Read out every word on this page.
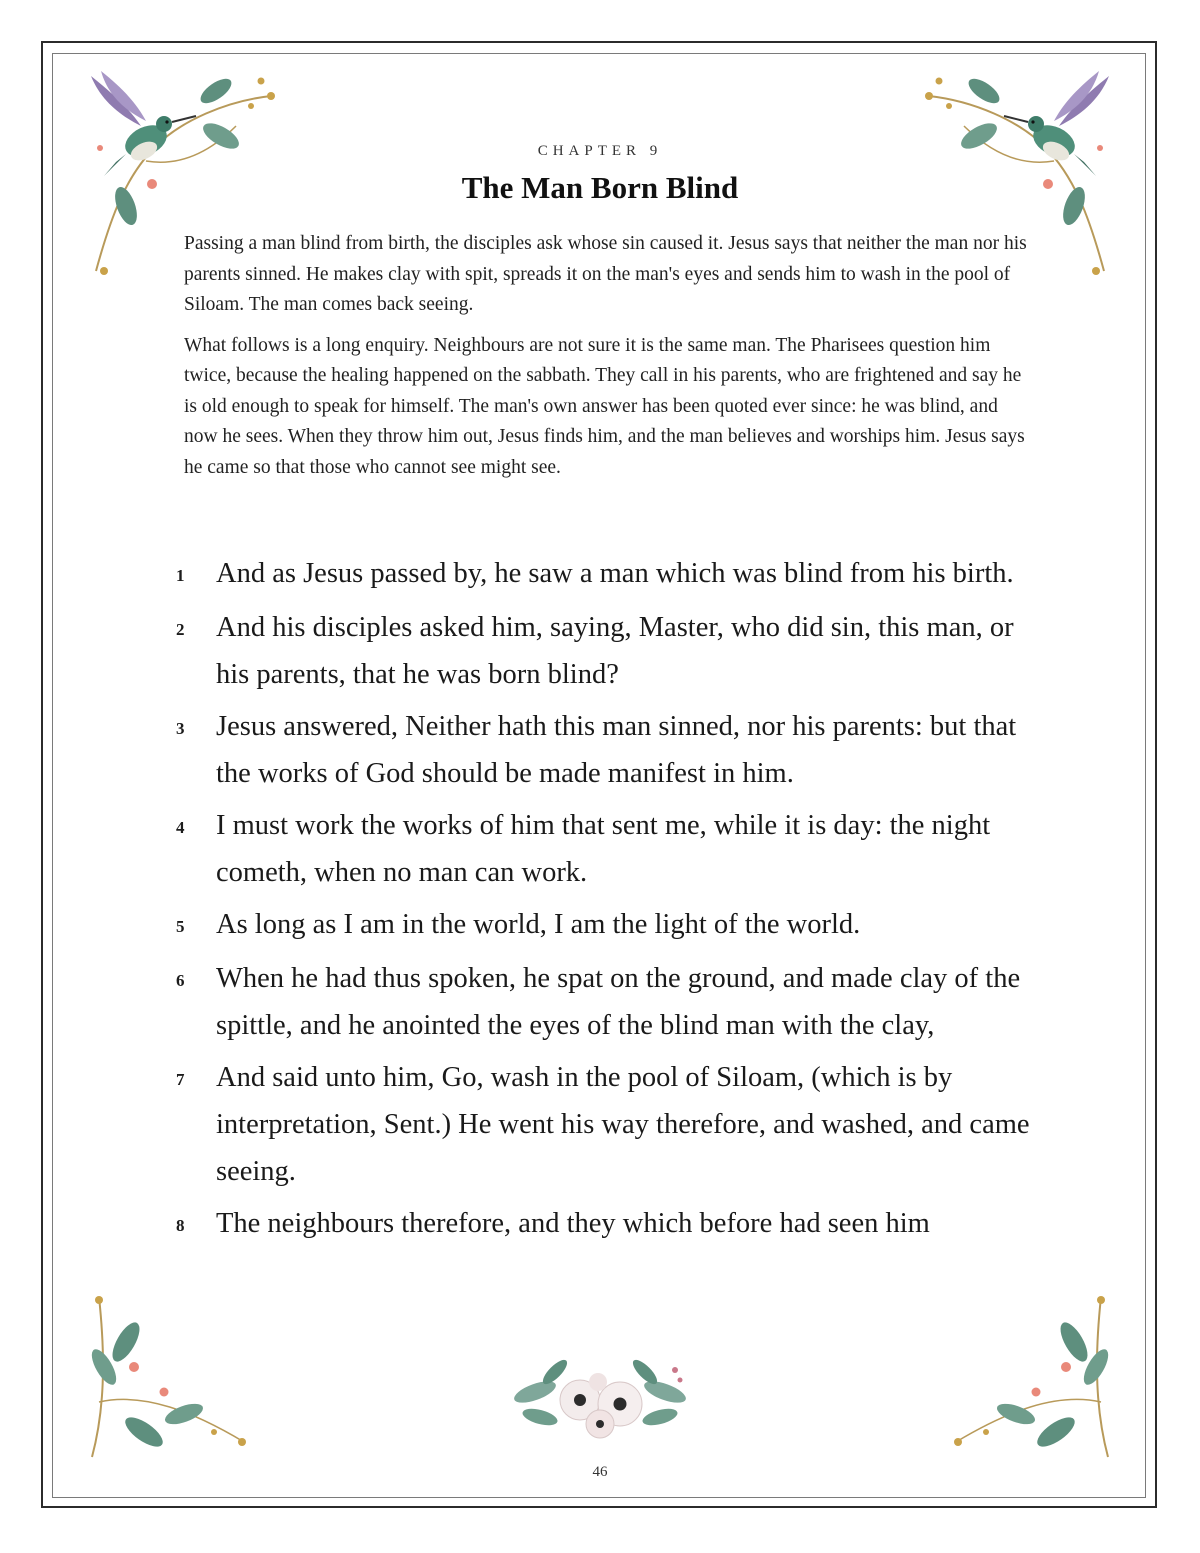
CHAPTER 9
The Man Born Blind

Passing a man blind from birth, the disciples ask whose sin caused it. Jesus says that neither the man nor his parents sinned. He makes clay with spit, spreads it on the man's eyes and sends him to wash in the pool of Siloam. The man comes back seeing.

What follows is a long enquiry. Neighbours are not sure it is the same man. The Pharisees question him twice, because the healing happened on the sabbath. They call in his parents, who are frightened and say he is old enough to speak for himself. The man's own answer has been quoted ever since: he was blind, and now he sees. When they throw him out, Jesus finds him, and the man believes and worships him. Jesus says he came so that those who cannot see might see.

1	And as Jesus passed by, he saw a man which was blind from his birth.
2	And his disciples asked him, saying, Master, who did sin, this man, or his parents, that he was born blind?
3	Jesus answered, Neither hath this man sinned, nor his parents: but that the works of God should be made manifest in him.
4	I must work the works of him that sent me, while it is day: the night cometh, when no man can work.
5	As long as I am in the world, I am the light of the world.
6	When he had thus spoken, he spat on the ground, and made clay of the spittle, and he anointed the eyes of the blind man with the clay,
7	And said unto him, Go, wash in the pool of Siloam, (which is by interpretation, Sent.) He went his way therefore, and washed, and came seeing.
8	The neighbours therefore, and they which before had seen him
46
